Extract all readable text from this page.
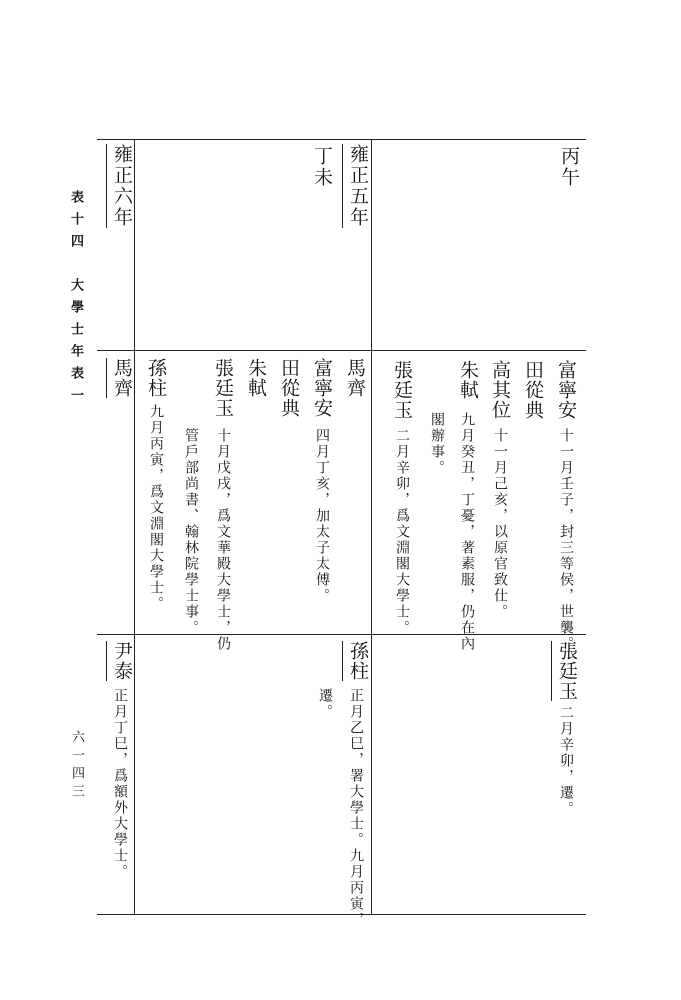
表十四　大學士年表一
六一四三
丙午
雍正五年
丁未
雍正六年
富寧安
十一月壬子，封三等侯，世襲。
田從典
高其位
十一月己亥，以原官致仕。
朱軾
九月癸丑，丁憂，著素服，仍在內
閣辦事。
張廷玉
二月辛卯，爲文淵閣大學士。
馬齊
富寧安
四月丁亥，加太子太傅。
田從典
朱軾
張廷玉
十月戊戌，爲文華殿大學士，仍
管戶部尚書、翰林院學士事。
孫柱
九月丙寅，爲文淵閣大學士。
馬齊
張廷玉
二月辛卯，遷。
孫柱
正月乙巳，署大學士。九月丙寅，
遷。
尹泰
正月丁巳，爲額外大學士。
